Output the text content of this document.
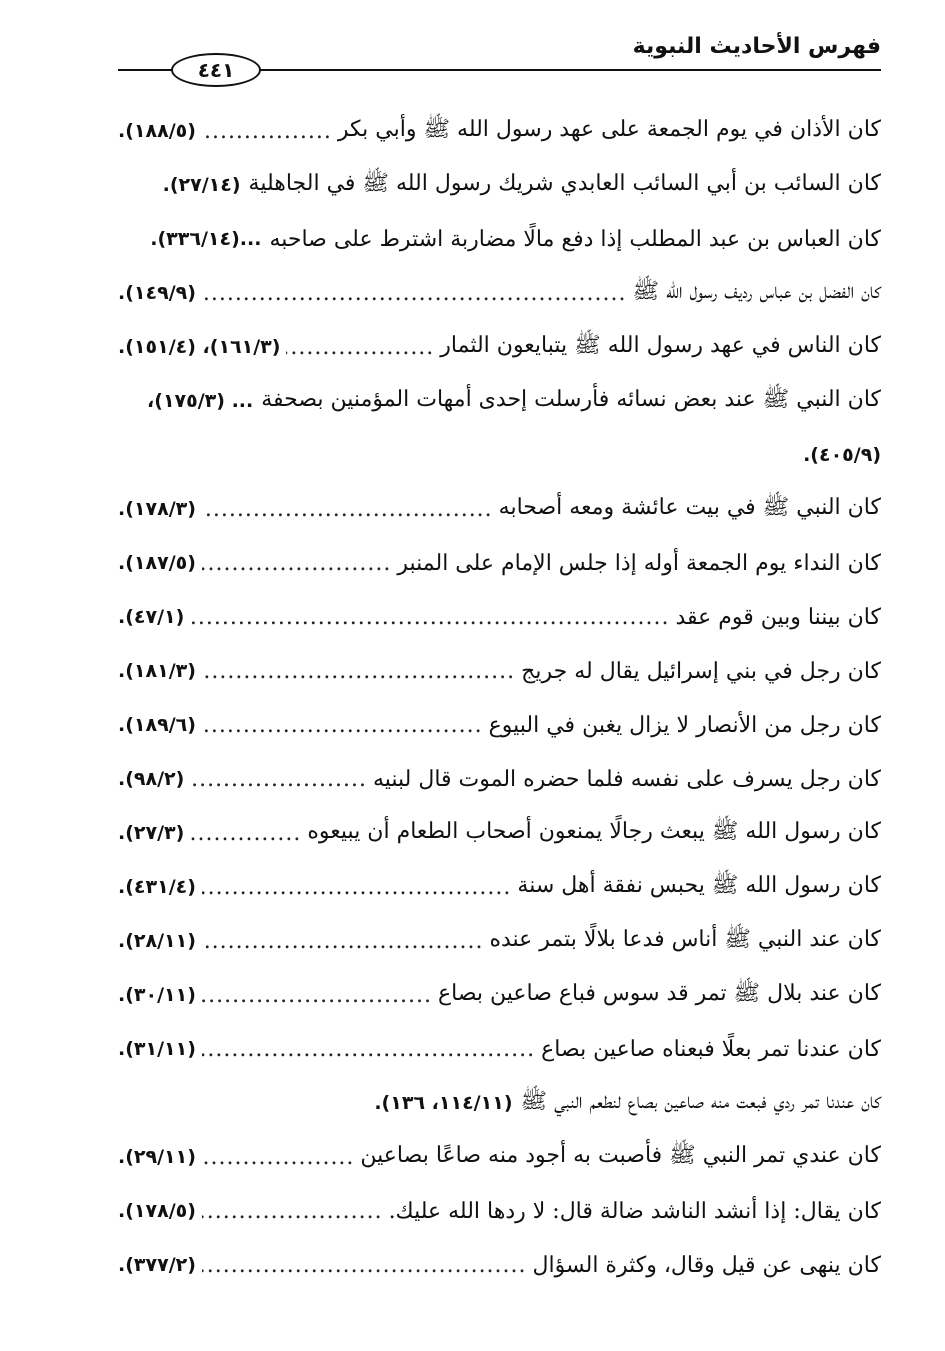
فهرس الأحاديث النبوية
٤٤١
كان الأذان في يوم الجمعة على عهد رسول الله ﷺ وأبي بكر
.....
(١٨٨/٥).
كان السائب بن أبي السائب العابدي شريك رسول الله ﷺ في الجاهلية
(٢٧/١٤).
كان العباس بن عبد المطلب إذا دفع مالًا مضاربة اشترط على صاحبه
...(٣٣٦/١٤).
كان الفضل بن عباس رديف رسول الله ﷺ
.....
(١٤٩/٩).
كان الناس في عهد رسول الله ﷺ يتبايعون الثمار
.....
(١٦١/٣)، (١٥١/٤).
كان النبي ﷺ عند بعض نسائه فأرسلت إحدى أمهات المؤمنين بصحفة
... (١٧٥/٣)،
(٤٠٥/٩).
كان النبي ﷺ في بيت عائشة ومعه أصحابه
.....
(١٧٨/٣).
كان النداء يوم الجمعة أوله إذا جلس الإمام على المنبر
.....
(١٨٧/٥).
كان بيننا وبين قوم عقد
.....
(٤٧/١).
كان رجل في بني إسرائيل يقال له جريج
.....
(١٨١/٣).
كان رجل من الأنصار لا يزال يغبن في البيوع
.....
(١٨٩/٦).
كان رجل يسرف على نفسه فلما حضره الموت قال لبنيه
.....
(٩٨/٢).
كان رسول الله ﷺ يبعث رجالًا يمنعون أصحاب الطعام أن يبيعوه
.....
(٢٧/٣).
كان رسول الله ﷺ يحبس نفقة أهل سنة
.....
(٤٣١/٤).
كان عند النبي ﷺ أناس فدعا بلالًا بتمر عنده
.....
(٢٨/١١).
كان عند بلال ﷺ تمر قد سوس فباع صاعين بصاع
.....
(٣٠/١١).
كان عندنا تمر بعلًا فبعناه صاعين بصاع
.....
(٣١/١١).
كان عندنا تمر ردي فبعت منه صاعين بصاع لنطعم النبي ﷺ
(١١٤/١١، ١٣٦).
كان عندي تمر النبي ﷺ فأصبت به أجود منه صاعًا بصاعين
.....
(٢٩/١١).
كان يقال: إذا أنشد الناشد ضالة قال: لا ردها الله عليك.
.....
(١٧٨/٥).
كان ينهى عن قيل وقال، وكثرة السؤال
.....
(٣٧٧/٢).
